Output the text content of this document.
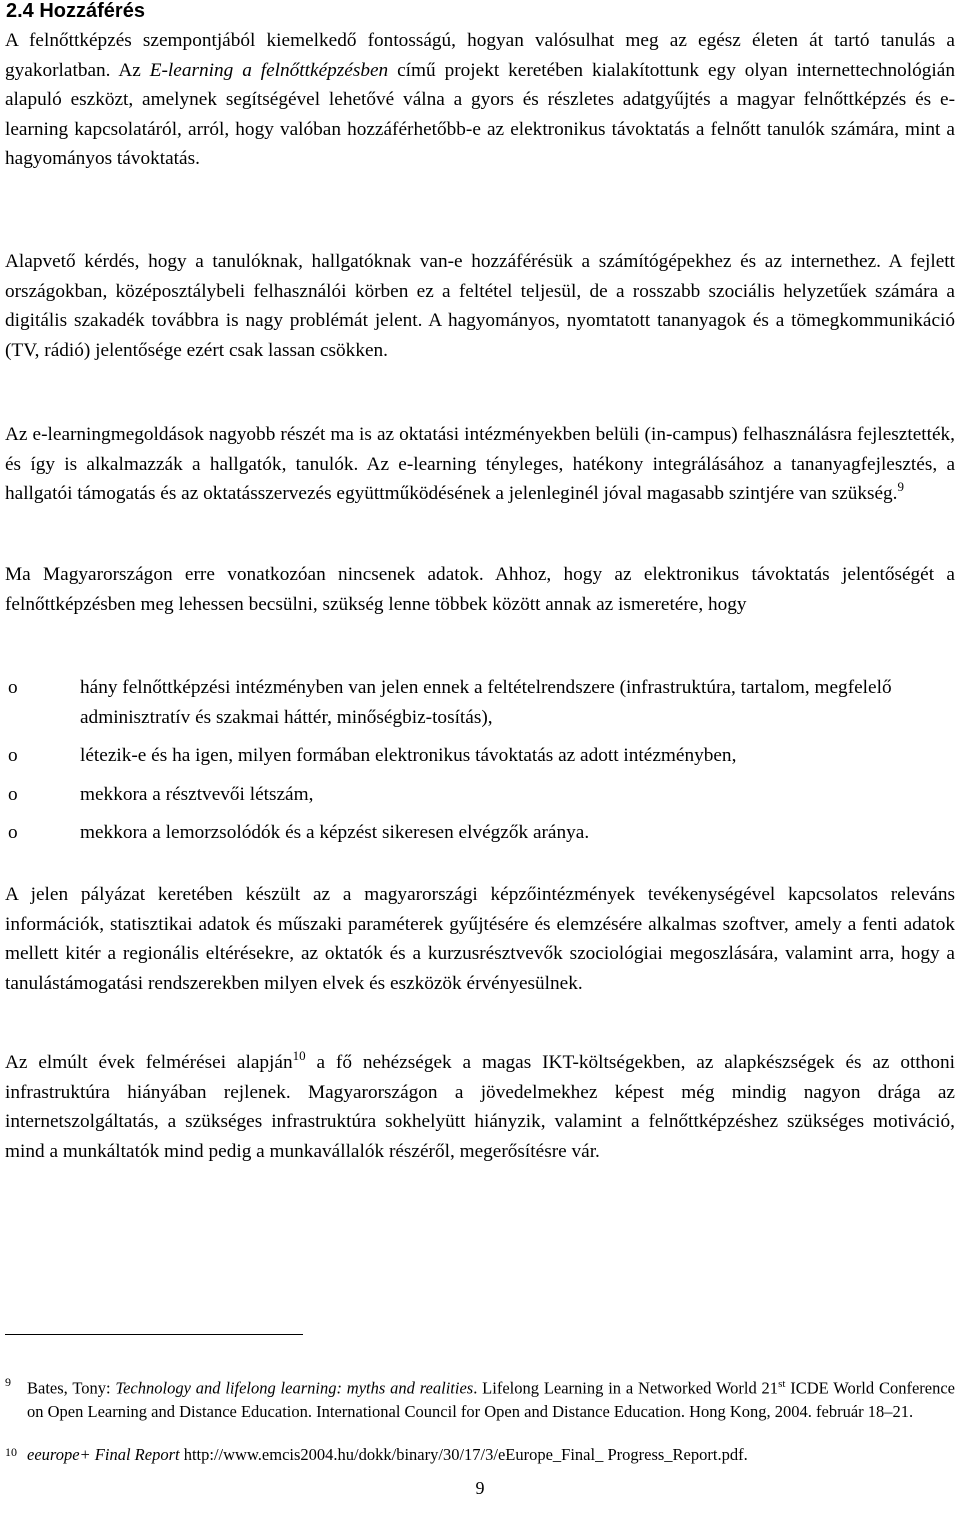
2.4 Hozzáférés

A felnőttképzés szempontjából kiemelkedő fontosságú, hogyan valósulhat meg az egész életen át tartó tanulás a gyakorlatban. Az E-learning a felnőttképzésben című projekt keretében kialakítottunk egy olyan internettechnológián alapuló eszközt, amelynek segítségével lehetővé válna a gyors és részletes adatgyűjtés a magyar felnőttképzés és e-learning kapcsolatáról, arról, hogy valóban hozzáférhetőbb-e az elektronikus távoktatás a felnőtt tanulók számára, mint a hagyományos távoktatás.

Alapvető kérdés, hogy a tanulóknak, hallgatóknak van-e hozzáférésük a számítógépekhez és az internethez. A fejlett országokban, középosztálybeli felhasználói körben ez a feltétel teljesül, de a rosszabb szociális helyzetűek számára a digitális szakadék továbbra is nagy problémát jelent. A hagyományos, nyomtatott tananyagok és a tömegkommunikáció (TV, rádió) jelentősége ezért csak lassan csökken.

Az e-learningmegoldások nagyobb részét ma is az oktatási intézményekben belüli (in-campus) felhasználásra fejlesztették, és így is alkalmazzák a hallgatók, tanulók. Az e-learning tényleges, hatékony integrálásához a tananyagfejlesztés, a hallgatói támogatás és az oktatásszervezés együttműködésének a jelenleginél jóval magasabb szintjére van szükség.$^9$

Ma Magyarországon erre vonatkozóan nincsenek adatok. Ahhoz, hogy az elektronikus távoktatás jelentőségét a felnőttképzésben meg lehessen becsülni, szükség lenne többek között annak az ismeretére, hogy

o	hány felnőttképzési intézményben van jelen ennek a feltételrendszere (infrastruktúra, tartalom, megfelelő adminisztratív és szakmai háttér, minőségbiz-tosítás),
o	létezik-e és ha igen, milyen formában elektronikus távoktatás az adott intézményben,
o	mekkora a résztvevői létszám,
o	mekkora a lemorzsolódók és a képzést sikeresen elvégzők aránya.

A jelen pályázat keretében készült az a magyarországi képzőintézmények tevékenységével kapcsolatos releváns információk, statisztikai adatok és műszaki paraméterek gyűjtésére és elemzésére alkalmas szoftver, amely a fenti adatok mellett kitér a regionális eltérésekre, az oktatók és a kurzusrésztvevők szociológiai megoszlására, valamint arra, hogy a tanulástámogatási rendszerekben milyen elvek és eszközök érvényesülnek.

Az elmúlt évek felmérései alapján$^{10}$ a fő nehézségek a magas IKT-költségekben, az alapkészségek és az otthoni infrastruktúra hiányában rejlenek. Magyarországon a jövedelmekhez képest még mindig nagyon drága az internetszolgáltatás, a szükséges infrastruktúra sokhelyütt hiányzik, valamint a felnőttképzéshez szükséges motiváció, mind a munkáltatók mind pedig a munkavállalók részéről, megerősítésre vár.

9 Bates, Tony: Technology and lifelong learning: myths and realities. Lifelong Learning in a Networked World 21st ICDE World Conference on Open Learning and Distance Education. International Council for Open and Distance Education. Hong Kong, 2004. február 18–21.
10 eeurope+ Final Report http://www.emcis2004.hu/dokk/binary/30/17/3/eEurope_Final_ Progress_Report.pdf.
9
